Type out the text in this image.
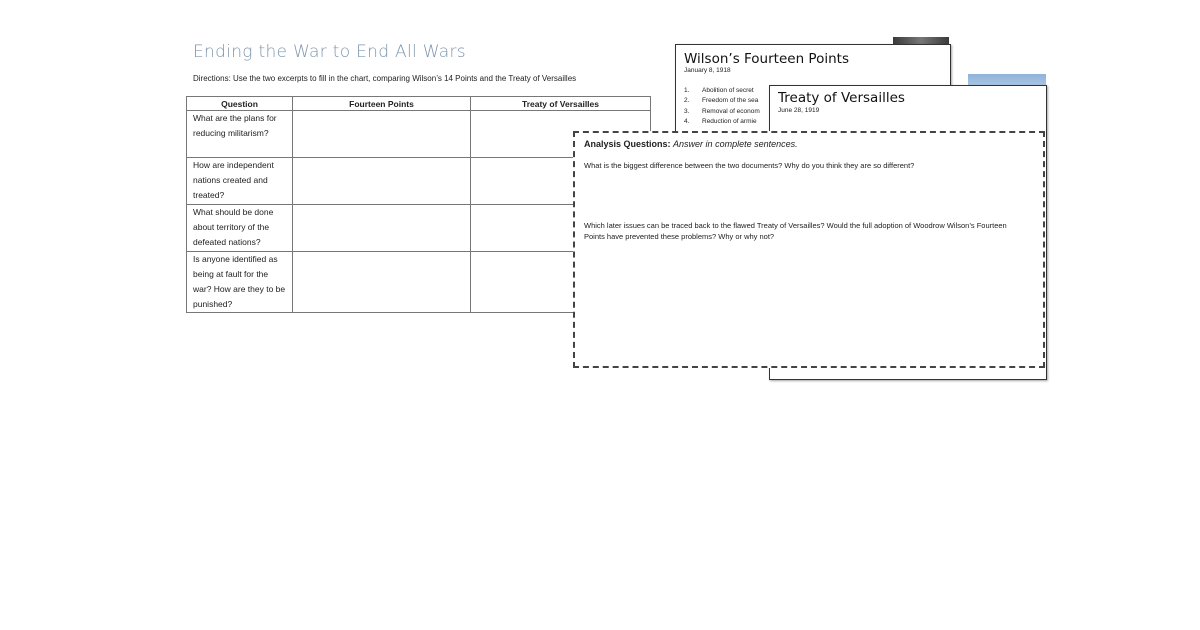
Ending the War to End All Wars
Directions: Use the two excerpts to fill in the chart, comparing Wilson’s 14 Points and the Treaty of Versailles
Question	Fourteen Points	Treaty of Versailles
What are the plans for reducing militarism?		
How are independent nations created and treated?		
What should be done about territory of the defeated nations?		
Is anyone identified as being at fault for the war? How are they to be punished?		
Wilson’s Fourteen Points
January 8, 1918
1. Abolition of secret
2. Freedom of the sea
3. Removal of econom
4. Reduction of armie
Treaty of Versailles
June 28, 1919
Analysis Questions: Answer in complete sentences.
What is the biggest difference between the two documents? Why do you think they are so different?
Which later issues can be traced back to the flawed Treaty of Versailles? Would the full adoption of Woodrow Wilson’s Fourteen Points have prevented these problems? Why or why not?
